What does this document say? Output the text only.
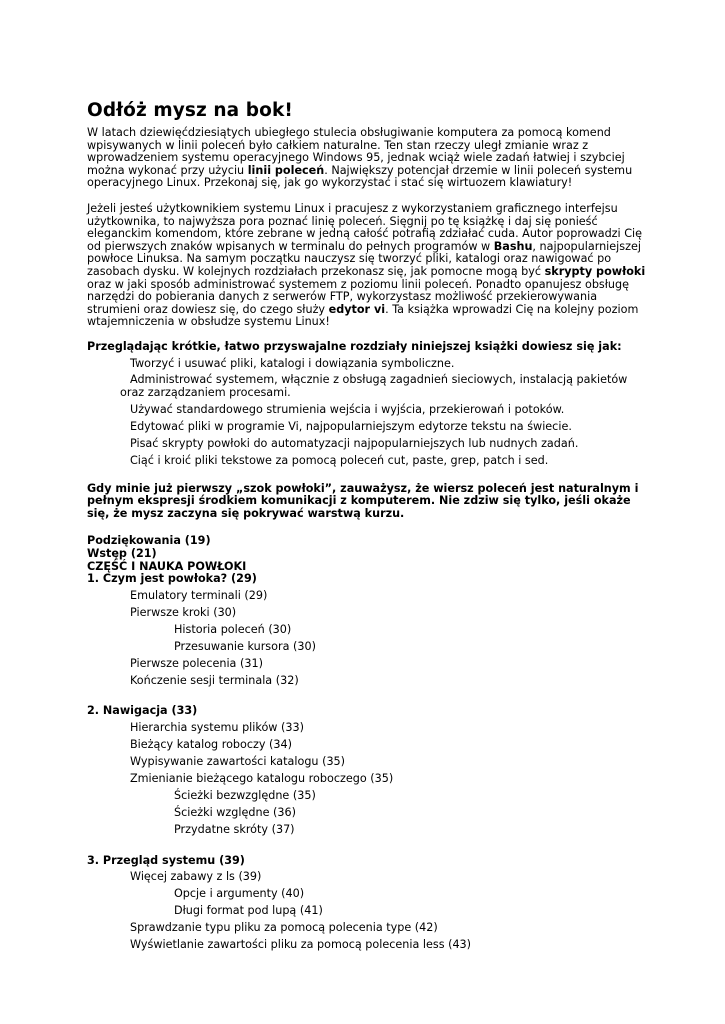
Odłóż mysz na bok!

W latach dziewięćdziesiątych ubiegłego stulecia obsługiwanie komputera za pomocą komend wpisywanych w linii poleceń było całkiem naturalne. Ten stan rzeczy uległ zmianie wraz z wprowadzeniem systemu operacyjnego Windows 95, jednak wciąż wiele zadań łatwiej i szybciej można wykonać przy użyciu linii poleceń. Największy potencjał drzemie w linii poleceń systemu operacyjnego Linux. Przekonaj się, jak go wykorzystać i stać się wirtuozem klawiatury!

Jeżeli jesteś użytkownikiem systemu Linux i pracujesz z wykorzystaniem graficznego interfejsu użytkownika, to najwyższa pora poznać linię poleceń. Sięgnij po tę książkę i daj się ponieść eleganckim komendom, które zebrane w jedną całość potrafią zdziałać cuda. Autor poprowadzi Cię od pierwszych znaków wpisanych w terminalu do pełnych programów w Bashu, najpopularniejszej powłoce Linuksa. Na samym początku nauczysz się tworzyć pliki, katalogi oraz nawigować po zasobach dysku. W kolejnych rozdziałach przekonasz się, jak pomocne mogą być skrypty powłoki oraz w jaki sposób administrować systemem z poziomu linii poleceń. Ponadto opanujesz obsługę narzędzi do pobierania danych z serwerów FTP, wykorzystasz możliwość przekierowywania strumieni oraz dowiesz się, do czego służy edytor vi. Ta książka wprowadzi Cię na kolejny poziom wtajemniczenia w obsłudze systemu Linux!

Przeglądając krótkie, łatwo przyswajalne rozdziały niniejszej książki dowiesz się jak:

Tworzyć i usuwać pliki, katalogi i dowiązania symboliczne.

Administrować systemem, włącznie z obsługą zagadnień sieciowych, instalacją pakietów oraz zarządzaniem procesami.

Używać standardowego strumienia wejścia i wyjścia, przekierowań i potoków.

Edytować pliki w programie Vi, najpopularniejszym edytorze tekstu na świecie.

Pisać skrypty powłoki do automatyzacji najpopularniejszych lub nudnych zadań.

Ciąć i kroić pliki tekstowe za pomocą poleceń cut, paste, grep, patch i sed.

Gdy minie już pierwszy „szok powłoki”, zauważysz, że wiersz poleceń jest naturalnym i pełnym ekspresji środkiem komunikacji z komputerem. Nie zdziw się tylko, jeśli okaże się, że mysz zaczyna się pokrywać warstwą kurzu.

Podziękowania (19)

Wstęp (21)

CZĘŚĆ I NAUKA POWŁOKI

1. Czym jest powłoka? (29)

Emulatory terminali (29)

Pierwsze kroki (30)

Historia poleceń (30)

Przesuwanie kursora (30)

Pierwsze polecenia (31)

Kończenie sesji terminala (32)

2. Nawigacja (33)

Hierarchia systemu plików (33)

Bieżący katalog roboczy (34)

Wypisywanie zawartości katalogu (35)

Zmienianie bieżącego katalogu roboczego (35)

Ścieżki bezwzględne (35)

Ścieżki względne (36)

Przydatne skróty (37)

3. Przegląd systemu (39)

Więcej zabawy z ls (39)

Opcje i argumenty (40)

Długi format pod lupą (41)

Sprawdzanie typu pliku za pomocą polecenia type (42)

Wyświetlanie zawartości pliku za pomocą polecenia less (43)
